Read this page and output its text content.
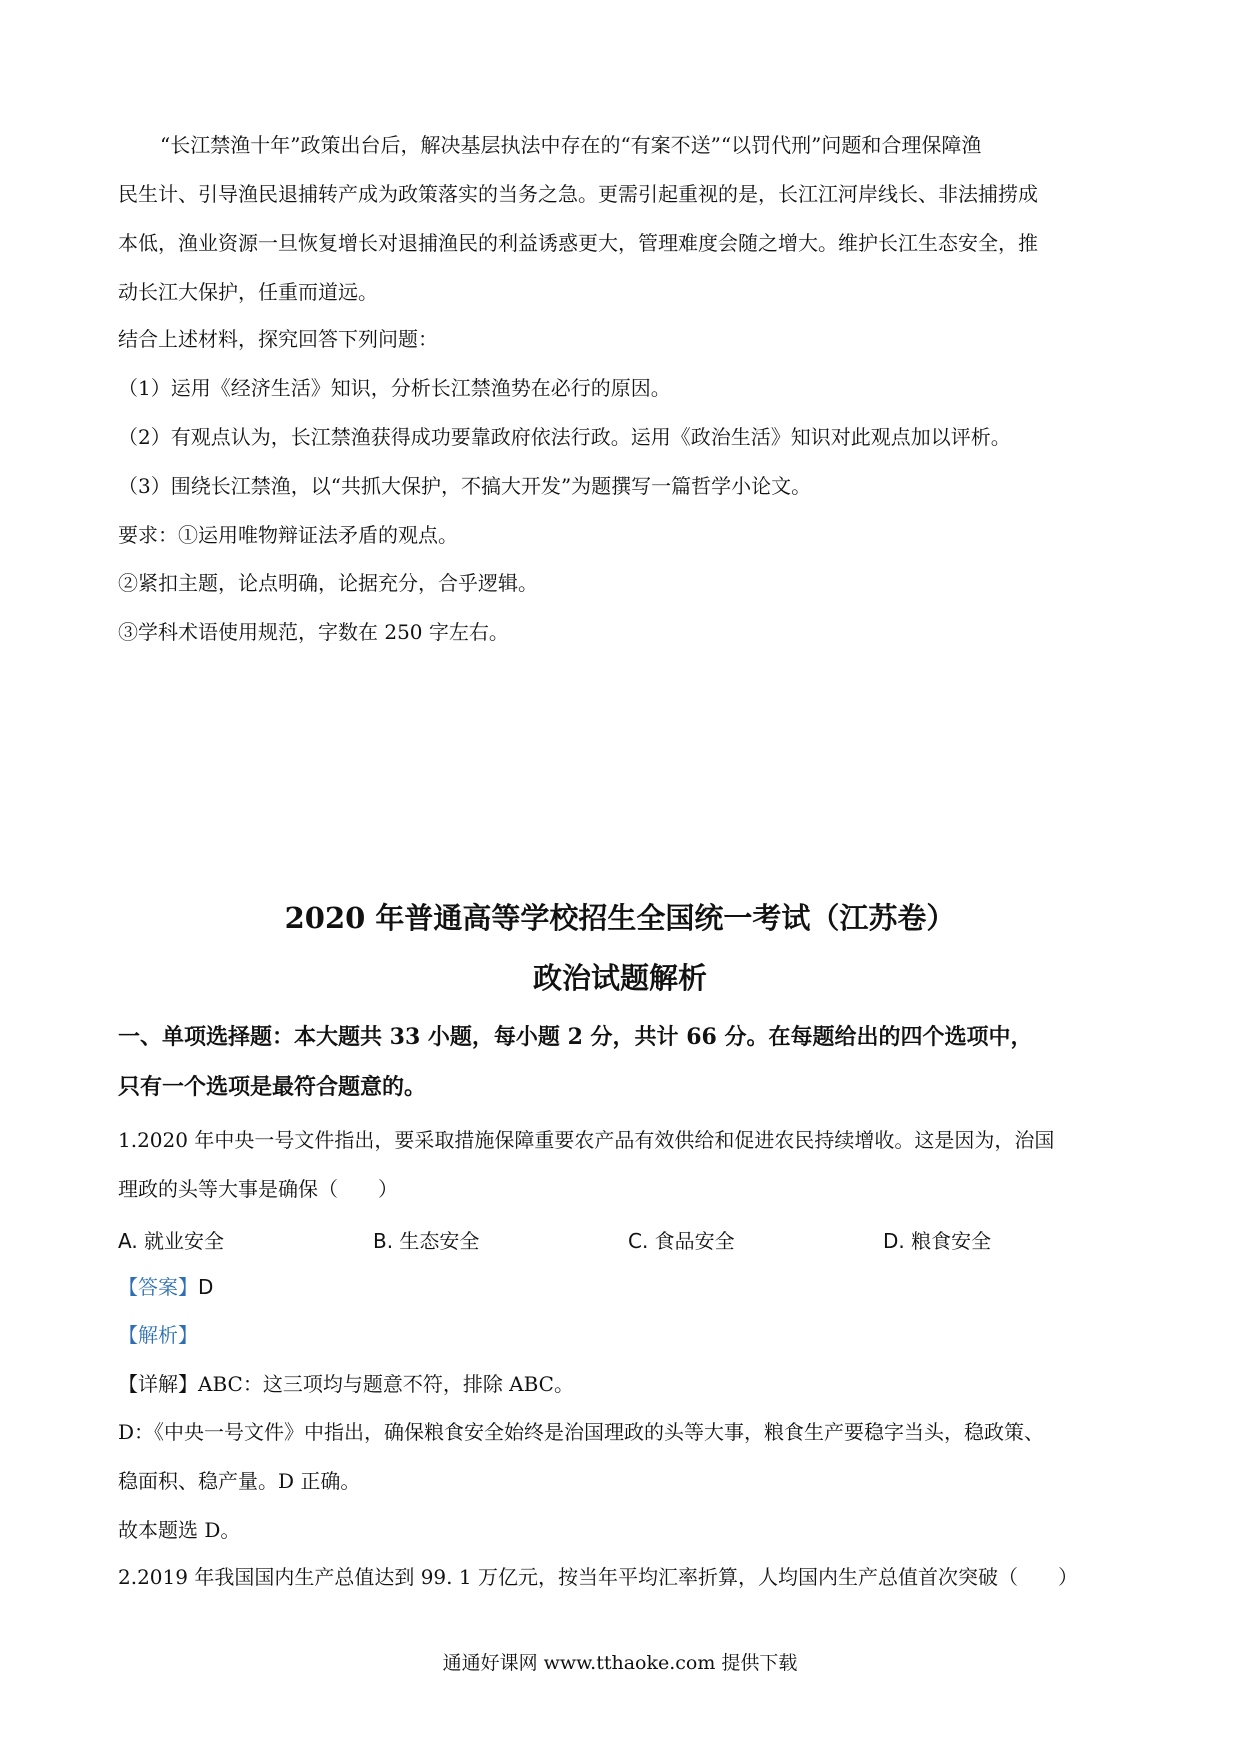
“长江禁渔十年”政策出台后，解决基层执法中存在的“有案不送”“以罚代刑”问题和合理保障渔
民生计、引导渔民退捕转产成为政策落实的当务之急。更需引起重视的是，长江江河岸线长、非法捕捞成
本低，渔业资源一旦恢复增长对退捕渔民的利益诱惑更大，管理难度会随之增大。维护长江生态安全，推
动长江大保护，任重而道远。
结合上述材料，探究回答下列问题：
（1）运用《经济生活》知识，分析长江禁渔势在必行的原因。
（2）有观点认为，长江禁渔获得成功要靠政府依法行政。运用《政治生活》知识对此观点加以评析。
（3）围绕长江禁渔，以“共抓大保护，不搞大开发”为题撰写一篇哲学小论文。
要求：①运用唯物辩证法矛盾的观点。
②紧扣主题，论点明确，论据充分，合乎逻辑。
③学科术语使用规范，字数在 250 字左右。
2020 年普通高等学校招生全国统一考试（江苏卷）
政治试题解析
一、单项选择题：本大题共 33 小题，每小题 2 分，共计 66 分。在每题给出的四个选项中，
只有一个选项是最符合题意的。
1.2020 年中央一号文件指出，要采取措施保障重要农产品有效供给和促进农民持续增收。这是因为，治国
理政的头等大事是确保（　　）
A. 就业安全	B. 生态安全	C. 食品安全	D. 粮食安全
【答案】D
【解析】
【详解】ABC：这三项均与题意不符，排除 ABC。
D：《中央一号文件》中指出，确保粮食安全始终是治国理政的头等大事，粮食生产要稳字当头，稳政策、
稳面积、稳产量。D 正确。
故本题选 D。
2.2019 年我国国内生产总值达到 99. 1 万亿元，按当年平均汇率折算，人均国内生产总值首次突破（　　）
通通好课网 www.tthaoke.com 提供下载
